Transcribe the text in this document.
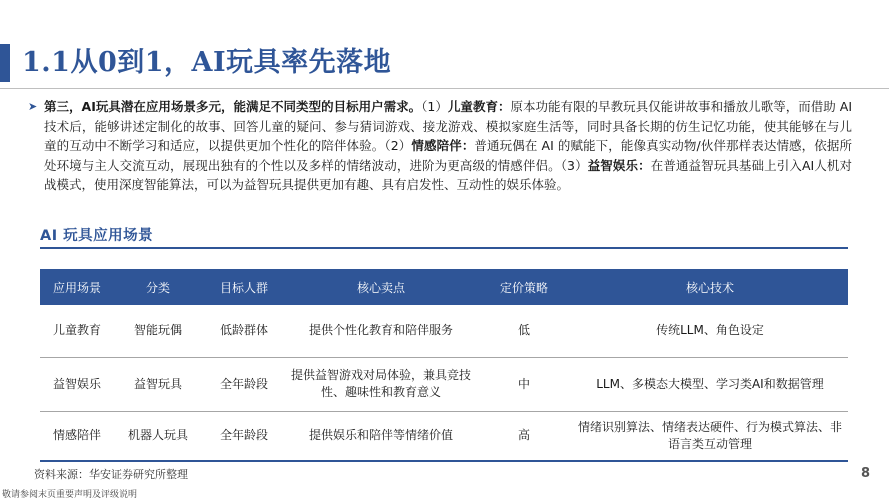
1.1从0到1，AI玩具率先落地
➤ 第三，AI玩具潜在应用场景多元，能满足不同类型的目标用户需求。（1）儿童教育：原本功能有限的早教玩具仅能讲故事和播放儿歌等，而借助 AI 技术后，能够讲述定制化的故事、回答儿童的疑问、参与猜词游戏、接龙游戏、模拟家庭生活等，同时具备长期的仿生记忆功能，使其能够在与儿童的互动中不断学习和适应，以提供更加个性化的陪伴体验。（2）情感陪伴：普通玩偶在 AI 的赋能下，能像真实动物/伙伴那样表达情感，依据所处环境与主人交流互动，展现出独有的个性以及多样的情绪波动，进阶为更高级的情感伴侣。（3）益智娱乐：在普通益智玩具基础上引入AI人机对战模式，使用深度智能算法，可以为益智玩具提供更加有趣、具有启发性、互动性的娱乐体验。
AI 玩具应用场景
应用场景	分类	目标人群	核心卖点	定价策略	核心技术
儿童教育	智能玩偶	低龄群体	提供个性化教育和陪伴服务	低	传统LLM、角色设定
益智娱乐	益智玩具	全年龄段	提供益智游戏对局体验，兼具竞技性、趣味性和教育意义	中	LLM、多模态大模型、学习类AI和数据管理
情感陪伴	机器人玩具	全年龄段	提供娱乐和陪伴等情绪价值	高	情绪识别算法、情绪表达硬件、行为模式算法、非语言类互动管理
资料来源：华安证券研究所整理	8
敬请参阅末页重要声明及评级说明
